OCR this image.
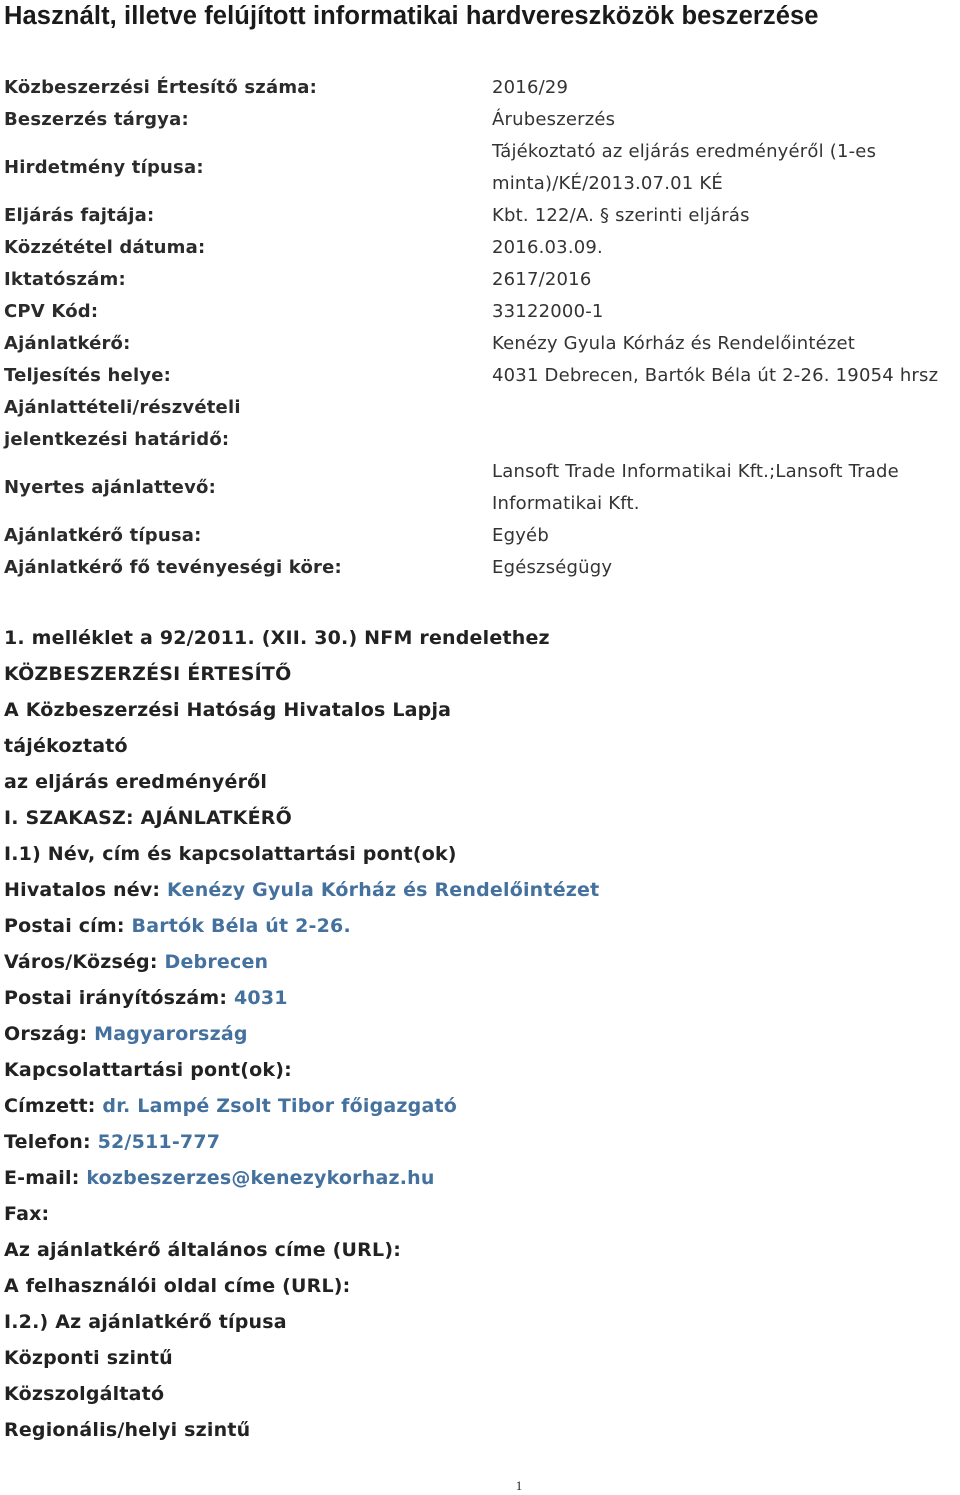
Használt, illetve felújított informatikai hardvereszközök beszerzése
Közbeszerzési Értesítő száma:	2016/29
Beszerzés tárgya:	Árubeszerzés
Hirdetmény típusa:
Tájékoztató az eljárás eredményéről (1-es minta)/KÉ/2013.07.01 KÉ
Eljárás fajtája:	Kbt. 122/A. § szerinti eljárás
Közzététel dátuma:	2016.03.09.
Iktatószám:	2617/2016
CPV Kód:	33122000-1
Ajánlatkérő:	Kenézy Gyula Kórház és Rendelőintézet
Teljesítés helye:	4031 Debrecen, Bartók Béla út 2-26. 19054 hrsz
Ajánlattételi/részvételi jelentkezési határidő:
Nyertes ajánlattevő:
Lansoft Trade Informatikai Kft.;Lansoft Trade Informatikai Kft.
Ajánlatkérő típusa:	Egyéb
Ajánlatkérő fő tevényeségi köre:	Egészségügy
1. melléklet a 92/2011. (XII. 30.) NFM rendelethez
KÖZBESZERZÉSI ÉRTESÍTŐ
A Közbeszerzési Hatóság Hivatalos Lapja
tájékoztató
az eljárás eredményéről
I. SZAKASZ: AJÁNLATKÉRŐ
I.1) Név, cím és kapcsolattartási pont(ok)
Hivatalos név: Kenézy Gyula Kórház és Rendelőintézet
Postai cím: Bartók Béla út 2-26.
Város/Község: Debrecen
Postai irányítószám: 4031
Ország: Magyarország
Kapcsolattartási pont(ok):
Címzett: dr. Lampé Zsolt Tibor főigazgató
Telefon: 52/511-777
E-mail: kozbeszerzes@kenezykorhaz.hu
Fax:
Az ajánlatkérő általános címe (URL):
A felhasználói oldal címe (URL):
I.2.) Az ajánlatkérő típusa
Központi szintű
Közszolgáltató
Regionális/helyi szintű
1
